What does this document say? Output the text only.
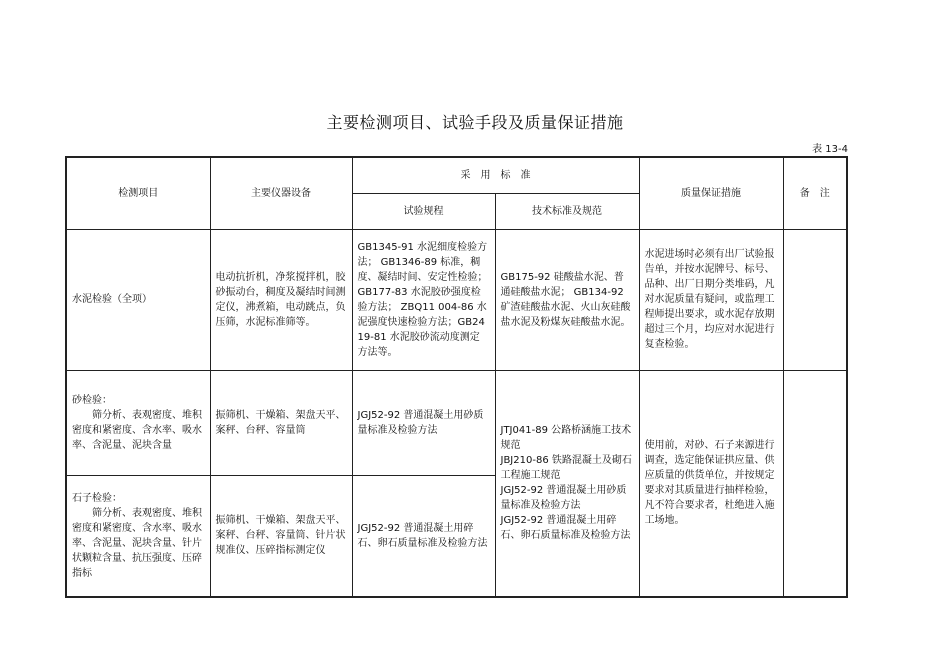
主要检测项目、试验手段及质量保证措施
表 13-4
检测项目	主要仪器设备	采　用　标　准		质量保证措施	备　注
		试验规程	技术标准及规范		
水泥检验（全项）	电动抗折机，净浆搅拌机，胶砂振动台，稠度及凝结时间测定仪，沸煮箱，电动跳点，负压筛，水泥标准筛等。	GB1345-91 水泥细度检验方法； GB1346-89 标准，稠度、凝结时间、安定性检验；GB177-83 水泥胶砂强度检验方法； ZBQ11 004-86 水泥强度快速检验方法；GB2419-81 水泥胶砂流动度测定方法等。	GB175-92 硅酸盐水泥、普通硅酸盐水泥； GB134-92 矿渣硅酸盐水泥、火山灰硅酸盐水泥及粉煤灰硅酸盐水泥。	水泥进场时必须有出厂试验报告单，并按水泥牌号、标号、品种、出厂日期分类堆码，凡对水泥质量有疑问，或监理工程师提出要求，或水泥存放期超过三个月，均应对水泥进行复查检验。	
砂检验：
筛分析、表观密度、堆积密度和紧密度、含水率、吸水率、含泥量、泥块含量	振筛机、干燥箱、架盘天平、案秤、台秤、容量筒	JGJ52-92 普通混凝土用砂质量标准及检验方法	JTJ041-89 公路桥涵施工技术规范
JBJ210-86 铁路混凝土及砌石工程施工规范
JGJ52-92 普通混凝土用砂质量标准及检验方法
JGJ52-92 普通混凝土用碎石、卵石质量标准及检验方法	使用前，对砂、石子来源进行调查，选定能保证拱应量、供应质量的供货单位，并按规定要求对其质量进行抽样检验，凡不符合要求者，杜绝进入施工场地。	
石子检验：
筛分析、表观密度、堆积密度和紧密度、含水率、吸水率、含泥量、泥块含量、针片状颗粒含量、抗压强度、压碎指标	振筛机、干燥箱、架盘天平、案秤、台秤、容量筒、针片状规准仪、压碎指标测定仪	JGJ52-92 普通混凝土用碎石、卵石质量标准及检验方法			
